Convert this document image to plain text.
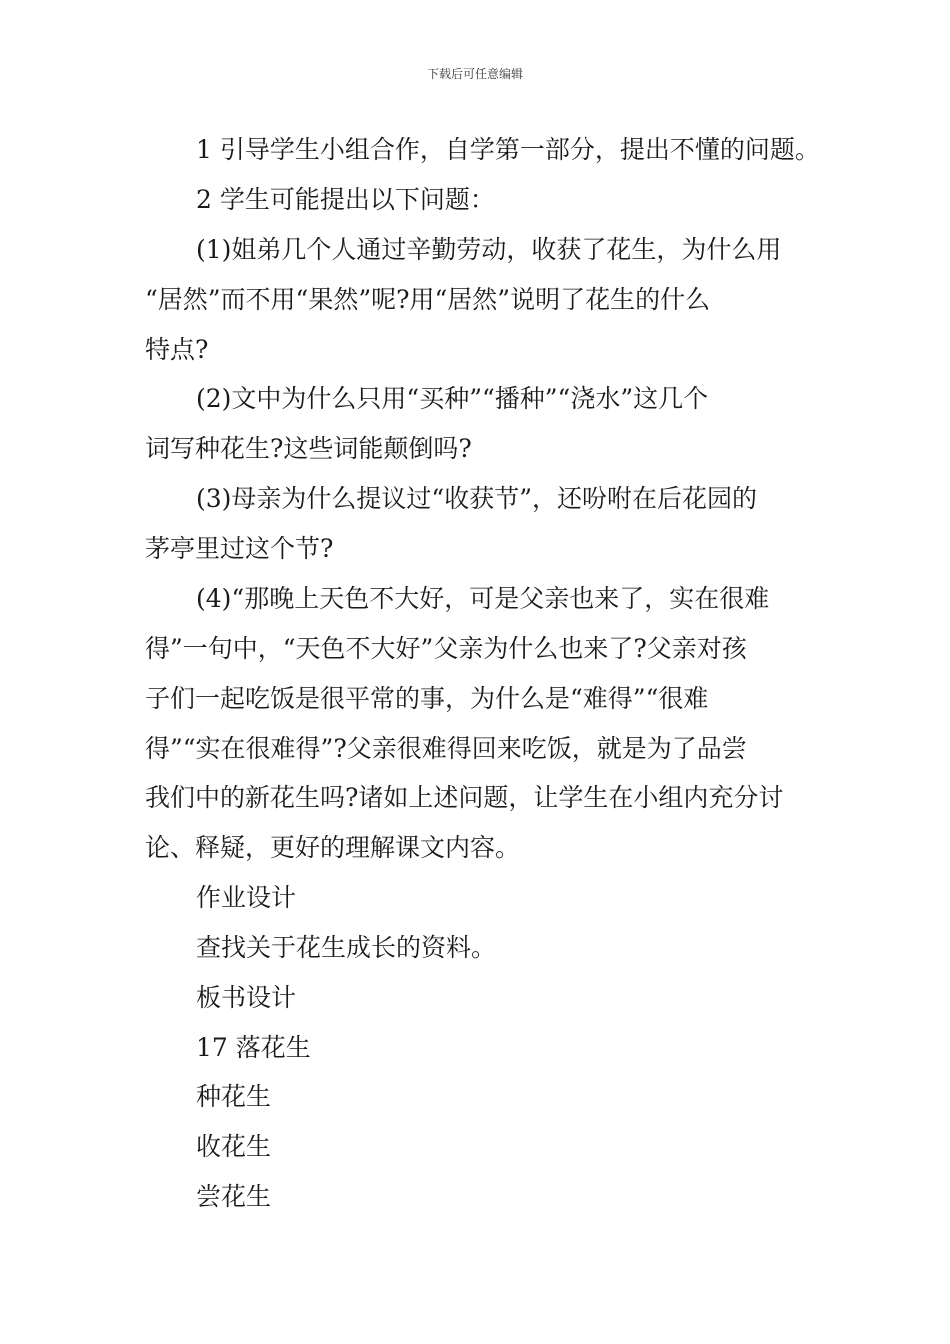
下载后可任意编辑
1 引导学生小组合作，自学第一部分，提出不懂的问题。
2 学生可能提出以下问题：
(1)姐弟几个人通过辛勤劳动，收获了花生，为什么用
“居然”而不用“果然”呢?用“居然”说明了花生的什么
特点?
(2)文中为什么只用“买种”“播种”“浇水”这几个
词写种花生?这些词能颠倒吗?
(3)母亲为什么提议过“收获节”，还吩咐在后花园的
茅亭里过这个节?
(4)“那晚上天色不大好，可是父亲也来了，实在很难
得”一句中，“天色不大好”父亲为什么也来了?父亲对孩
子们一起吃饭是很平常的事，为什么是“难得”“很难
得”“实在很难得”?父亲很难得回来吃饭，就是为了品尝
我们中的新花生吗?诸如上述问题，让学生在小组内充分讨
论、释疑，更好的理解课文内容。
作业设计
查找关于花生成长的资料。
板书设计
17 落花生
种花生
收花生
尝花生
